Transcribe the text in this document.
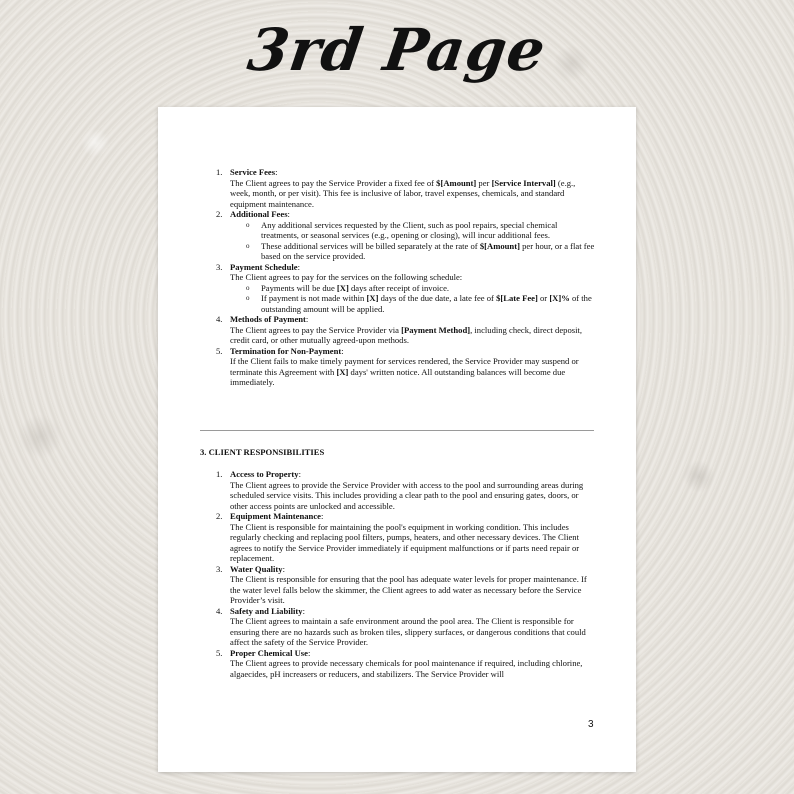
3rd Page
1. Service Fees:
The Client agrees to pay the Service Provider a fixed fee of $[Amount] per [Service Interval] (e.g., week, month, or per visit). This fee is inclusive of labor, travel expenses, chemicals, and standard equipment maintenance.
2. Additional Fees:
o Any additional services requested by the Client, such as pool repairs, special chemical treatments, or seasonal services (e.g., opening or closing), will incur additional fees.
o These additional services will be billed separately at the rate of $[Amount] per hour, or a flat fee based on the service provided.
3. Payment Schedule:
The Client agrees to pay for the services on the following schedule:
o Payments will be due [X] days after receipt of invoice.
o If payment is not made within [X] days of the due date, a late fee of $[Late Fee] or [X]% of the outstanding amount will be applied.
4. Methods of Payment:
The Client agrees to pay the Service Provider via [Payment Method], including check, direct deposit, credit card, or other mutually agreed-upon methods.
5. Termination for Non-Payment:
If the Client fails to make timely payment for services rendered, the Service Provider may suspend or terminate this Agreement with [X] days' written notice. All outstanding balances will become due immediately.
3. CLIENT RESPONSIBILITIES
1. Access to Property:
The Client agrees to provide the Service Provider with access to the pool and surrounding areas during scheduled service visits. This includes providing a clear path to the pool and ensuring gates, doors, or other access points are unlocked and accessible.
2. Equipment Maintenance:
The Client is responsible for maintaining the pool's equipment in working condition. This includes regularly checking and replacing pool filters, pumps, heaters, and other necessary devices. The Client agrees to notify the Service Provider immediately if equipment malfunctions or if parts need repair or replacement.
3. Water Quality:
The Client is responsible for ensuring that the pool has adequate water levels for proper maintenance. If the water level falls below the skimmer, the Client agrees to add water as necessary before the Service Provider’s visit.
4. Safety and Liability:
The Client agrees to maintain a safe environment around the pool area. The Client is responsible for ensuring there are no hazards such as broken tiles, slippery surfaces, or dangerous conditions that could affect the safety of the Service Provider.
5. Proper Chemical Use:
The Client agrees to provide necessary chemicals for pool maintenance if required, including chlorine, algaecides, pH increasers or reducers, and stabilizers. The Service Provider will
3
